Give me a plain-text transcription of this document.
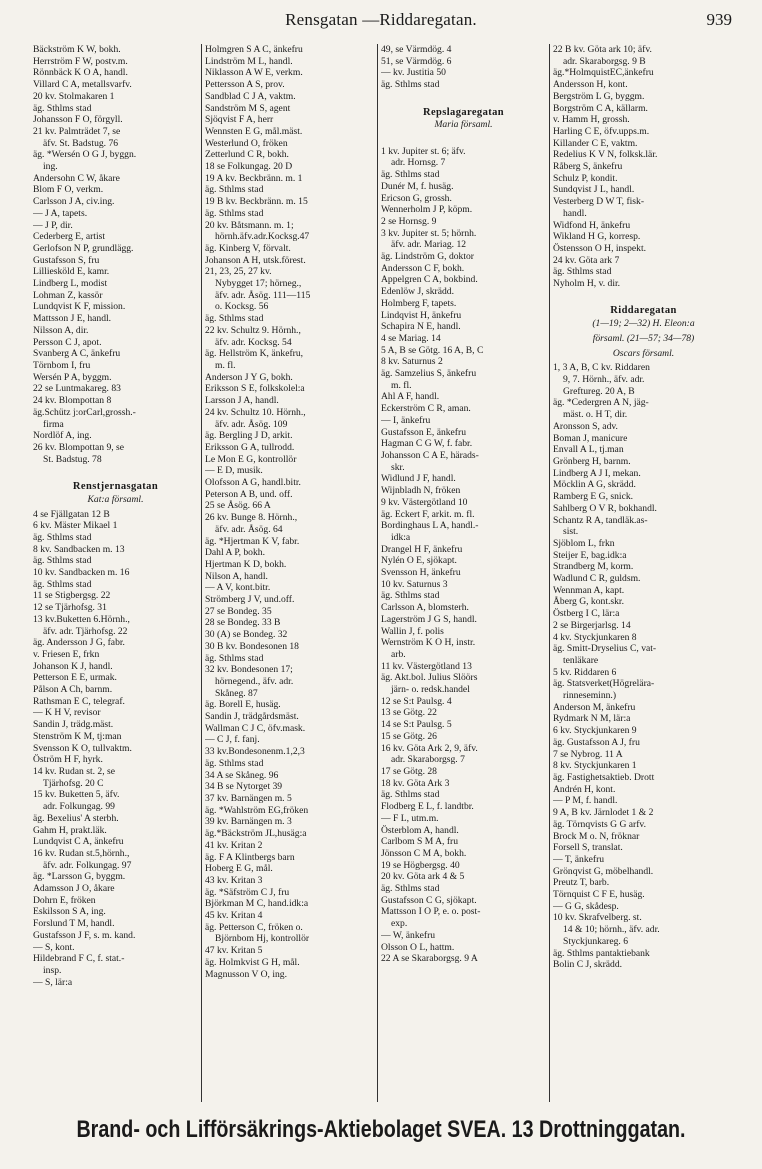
Rensgatan —Riddaregatan.	939
Bäckström K W, bokh.
Herrström F W, postv.m.
Rönnbäck K O A, handl.
Villard C A, metallsvarfv.
20 kv. Stolmakaren 1
äg. Sthlms stad
Johansson F O, förgyll.
21 kv. Palmträdet 7, se
äfv. St. Badstug. 76
äg. *Wersén O G J, byggn.
ing.
Andersohn C W, åkare
Blom F O, verkm.
Carlsson J A, civ.ing.
— J A, tapets.
— J P, dir.
Cederberg E, artist
Gerlofson N P, grundlägg.
Gustafsson S, fru
Lilliesköld E, kamr.
Lindberg L, modist
Lohman Z, kassör
Lundqvist K F, mission.
Mattsson J E, handl.
Nilsson A, dir.
Persson C J, apot.
Svanberg A C, änkefru
Törnbom I, fru
Wersén P A, byggm.
22 se Luntmakareg. 83
24 kv. Blompottan 8
äg.Schütz j:orCarl,grossh.-
firma
Nordlöf A, ing.
26 kv. Blompottan 9, se
St. Badstug. 78

Renstjernasgatan
Kat:a församl.
4 se Fjällgatan 12 B
6 kv. Mäster Mikael 1
äg. Sthlms stad
8 kv. Sandbacken m. 13
äg. Sthlms stad
10 kv. Sandbacken m. 16
äg. Sthlms stad
11 se Stigbergsg. 22
12 se Tjärhofsg. 31
13 kv.Buketten 6.Hörnh.,
äfv. adr. Tjärhofsg. 22
äg. Andersson J G, fabr.
v. Friesen E, frkn
Johanson K J, handl.
Petterson E E, urmak.
Pålson A Ch, barnm.
Rathsman E C, telegraf.
— K H V, revisor
Sandin J, trädg.mäst.
Stenström K M, tj:man
Svensson K O, tullvaktm.
Öström H F, hyrk.
14 kv. Rudan st. 2, se
Tjärhofsg. 20 C
15 kv. Buketten 5, äfv.
adr. Folkungag. 99
äg. Bexelius' A sterbh.
Gahm H, prakt.läk.
Lundqvist C A, änkefru
16 kv. Rudan st.5,hörnh.,
äfv. adr. Folkungag. 97
äg. *Larsson G, byggm.
Adamsson J O, åkare
Dohrn E, fröken
Eskilsson S A, ing.
Forslund T M, handl.
Gustafsson J F, s. m. kand.
— S, kont.
Hildebrand F C, f. stat.-
insp.
— S, lär:a
Holmgren S A C, änkefru
Lindström M L, handl.
Niklasson A W E, verkm.
Pettersson A S, prov.
Sandblad C J A, vaktm.
Sandström M S, agent
Sjöqvist F A, herr
Wennsten E G, mål.mäst.
Westerlund O, fröken
Zetterlund C R, bokh.
18 se Folkungag. 20 D
19 A kv. Beckbränn. m. 1
äg. Sthlms stad
19 B kv. Beckbränn. m. 15
äg. Sthlms stad
20 kv. Båtsmann. m. 1;
hörnh.äfv.adr.Kocksg.47
äg. Kinberg V, förvalt.
Johanson A H, utsk.förest.
21, 23, 25, 27 kv.
Nybygget 17; hörneg.,
äfv. adr. Åsög. 111—115
o. Kocksg. 56
äg. Sthlms stad
22 kv. Schultz 9. Hörnh.,
äfv. adr. Kocksg. 54
äg. Hellström K, änkefru,
m. fl.
Anderson J Y G, bokh.
Eriksson S E, folkskolel:a
Larsson J A, handl.
24 kv. Schultz 10. Hörnh.,
äfv. adr. Åsög. 109
äg. Bergling J D, arkit.
Eriksson G A, tullrodd.
Le Mon E G, kontrollör
— E D, musik.
Olofsson A G, handl.bitr.
Peterson A B, und. off.
25 se Åsög. 66 A
26 kv. Bunge 8. Hörnh.,
äfv. adr. Åsög. 64
äg. *Hjertman K V, fabr.
Dahl A P, bokh.
Hjertman K D, bokh.
Nilson A, handl.
— A V, kont.bitr.
Strömberg J V, und.off.
27 se Bondeg. 35
28 se Bondeg. 33 B
30 (A) se Bondeg. 32
30 B kv. Bondesonen 18
äg. Sthlms stad
32 kv. Bondesonen 17;
hörnegend., äfv. adr.
Skåneg. 87
äg. Borell E, husäg.
Sandin J, trädgårdsmäst.
Wallman C J C, öfv.mask.
— C J, f. fanj.
33 kv.Bondesonenm.1,2,3
äg. Sthlms stad
34 A se Skåneg. 96
34 B se Nytorget 39
37 kv. Barnängen m. 5
äg. *Wahlström EG,fröken
39 kv. Barnängen m. 3
äg.*Bäckström JL,husäg:a
41 kv. Kritan 2
äg. F A Klintbergs barn
Hoberg E G, mål.
43 kv. Kritan 3
äg. *Säfström C J, fru
Björkman M C, hand.idk:a
45 kv. Kritan 4
äg. Petterson C, fröken o.
Björnbom Hj, kontrollör
47 kv. Kritan 5
äg. Holmkvist G H, mål.
Magnusson V O, ing.
49, se Värmdög. 4
51, se Värmdög. 6
— kv. Justitia 50
äg. Sthlms stad

Repslagaregatan
Maria församl.

1 kv. Jupiter st. 6; äfv.
adr. Hornsg. 7
äg. Sthlms stad
Dunér M, f. husäg.
Ericson G, grossh.
Wennerholm J P, köpm.
2 se Hornsg. 9
3 kv. Jupiter st. 5; hörnh.
äfv. adr. Mariag. 12
äg. Lindström G, doktor
Andersson C F, bokh.
Appelgren C A, bokbind.
Edenlöw J, skrädd.
Holmberg F, tapets.
Lindqvist H, änkefru
Schapira N E, handl.
4 se Mariag. 14
5 A, B se Götg. 16 A, B, C
8 kv. Saturnus 2
äg. Samzelius S, änkefru
m. fl.
Ahl A F, handl.
Eckerström C R, aman.
— I, änkefru
Gustafsson E, änkefru
Hagman C G W, f. fabr.
Johansson C A E, härads-
skr.
Widlund J F, handl.
Wijnbladh N, fröken
9 kv. Västergötland 10
äg. Eckert F, arkit. m. fl.
Bordinghaus L A, handl.-
idk:a
Drangel H F, änkefru
Nylén O E, sjökapt.
Svensson H, änkefru
10 kv. Saturnus 3
äg. Sthlms stad
Carlsson A, blomsterh.
Lagerström J G S, handl.
Wallin J, f. polis
Wernström K O H, instr.
arb.
11 kv. Västergötland 13
äg. Akt.bol. Julius Slöörs
järn- o. redsk.handel
12 se S:t Paulsg. 4
13 se Götg. 22
14 se S:t Paulsg. 5
15 se Götg. 26
16 kv. Göta Ark 2, 9, äfv.
adr. Skaraborgsg. 7
17 se Götg. 28
18 kv. Göta Ark 3
äg. Sthlms stad
Flodberg E L, f. landtbr.
— F L, utm.m.
Österblom A, handl.
Carlbom S M A, fru
Jönsson C M A, bokh.
19 se Högbergsg. 40
20 kv. Göta ark 4 & 5
äg. Sthlms stad
Gustafsson C G, sjökapt.
Mattsson I O P, e. o. post-
exp.
— W, änkefru
Olsson O L, hattm.
22 A se Skaraborgsg. 9 A
22 B kv. Göta ark 10; äfv.
adr. Skaraborgsg. 9 B
äg.*HolmquistEC,änkefru
Andersson H, kont.
Bergström L G, byggm.
Borgström C A, källarm.
v. Hamm H, grossh.
Harling C E, öfv.upps.m.
Killander C E, vaktm.
Redelius K V N, folksk.lär.
Råberg S, änkefru
Schulz P, kondit.
Sundqvist J L, handl.
Vesterberg D W T, fisk-
handl.
Widfond H, änkefru
Wikland H G, korresp.
Östensson O H, inspekt.
24 kv. Göta ark 7
äg. Sthlms stad
Nyholm H, v. dir.

Riddaregatan
(1—19; 2—32) H. Eleon:a
församl. (21—57; 34—78)
Oscars församl.
1, 3 A, B, C kv. Riddaren
9, 7. Hörnh., äfv. adr.
Greftureg. 20 A, B
äg. *Cedergren A N, jäg-
mäst. o. H T, dir.
Aronsson S, adv.
Boman J, manicure
Envall A L, tj.man
Grönberg H, barnm.
Lindberg A J I, mekan.
Möcklin A G, skrädd.
Ramberg E G, snick.
Sahlberg O V R, bokhandl.
Schantz R A, tandläk.as-
sist.
Sjöblom L, frkn
Steijer E, bag.idk:a
Strandberg M, korm.
Wadlund C R, guldsm.
Wennman A, kapt.
Åberg G, kont.skr.
Östberg I C, lär:a
2 se Birgerjarlsg. 14
4 kv. Styckjunkaren 8
äg. Smitt-Dryselius C, vat-
tenläkare
5 kv. Riddaren 6
äg. Statsverket(Högrelära-
rinneseminn.)
Anderson M, änkefru
Rydmark N M, lär:a
6 kv. Styckjunkaren 9
äg. Gustafsson A J, fru
7 se Nybrog. 11 A
8 kv. Styckjunkaren 1
äg. Fastighetsaktieb. Drott
Andrén H, kont.
— P M, f. handl.
9 A, B kv. Järnlodet 1 & 2
äg. Törnqvists G G arfv.
Brock M o. N, fröknar
Forsell S, translat.
— T, änkefru
Grönqvist G, möbelhandl.
Preutz T, barb.
Törnquist C F E, husäg.
— G G, skådesp.
10 kv. Skrafvelberg. st.
14 & 10; hörnh., äfv. adr.
Styckjunkareg. 6
äg. Sthlms pantaktiebank
Bolin C J, skrädd.
Brand- och Lifförsäkrings-Aktiebolaget SVEA. 13 Drottninggatan.
